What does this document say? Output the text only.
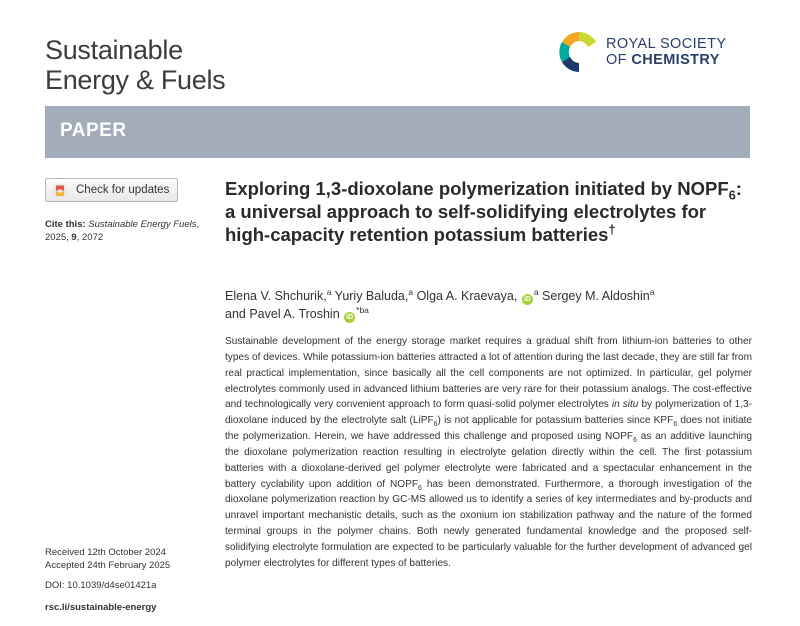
Sustainable
Energy & Fuels
ROYAL SOCIETY
OF CHEMISTRY
PAPER
Check for updates
Cite this: Sustainable Energy Fuels,
2025, 9, 2072
Exploring 1,3-dioxolane polymerization initiated by $NOPF_6$: a universal approach to self-solidifying electrolytes for high-capacity retention potassium batteries†
Elena V. Shchurik,$^a$ Yuriy Baluda,$^a$ Olga A. Kraevaya, $iD^a$ Sergey M. Aldoshin$^a$
and Pavel A. Troshin $iD^{*ba}$
Sustainable development of the energy storage market requires a gradual shift from lithium-ion batteries to other types of devices. While potassium-ion batteries attracted a lot of attention during the last decade, they are still far from real practical implementation, since basically all the cell components are not optimized. In particular, gel polymer electrolytes commonly used in advanced lithium batteries are very rare for their potassium analogs. The cost-effective and technologically very convenient approach to form quasi-solid polymer electrolytes in situ by polymerization of 1,3-dioxolane induced by the electrolyte salt (LiPF$_6$) is not applicable for potassium batteries since $KPF_6$ does not initiate the polymerization. Herein, we have addressed this challenge and proposed using $NOPF_6$ as an additive launching the dioxolane polymerization reaction resulting in electrolyte gelation directly within the cell. The first potassium batteries with a dioxolane-derived gel polymer electrolyte were fabricated and a spectacular enhancement in the battery cyclability upon addition of $NOPF_6$ has been demonstrated. Furthermore, a thorough investigation of the dioxolane polymerization reaction by GC-MS allowed us to identify a series of key intermediates and by-products and unravel important mechanistic details, such as the oxonium ion stabilization pathway and the nature of the formed terminal groups in the polymer chains. Both newly generated fundamental knowledge and the proposed self-solidifying electrolyte formulation are expected to be particularly valuable for the further development of advanced gel polymer electrolytes for different types of batteries.
Received 12th October 2024
Accepted 24th February 2025
DOI: 10.1039/d4se01421a
rsc.li/sustainable-energy
